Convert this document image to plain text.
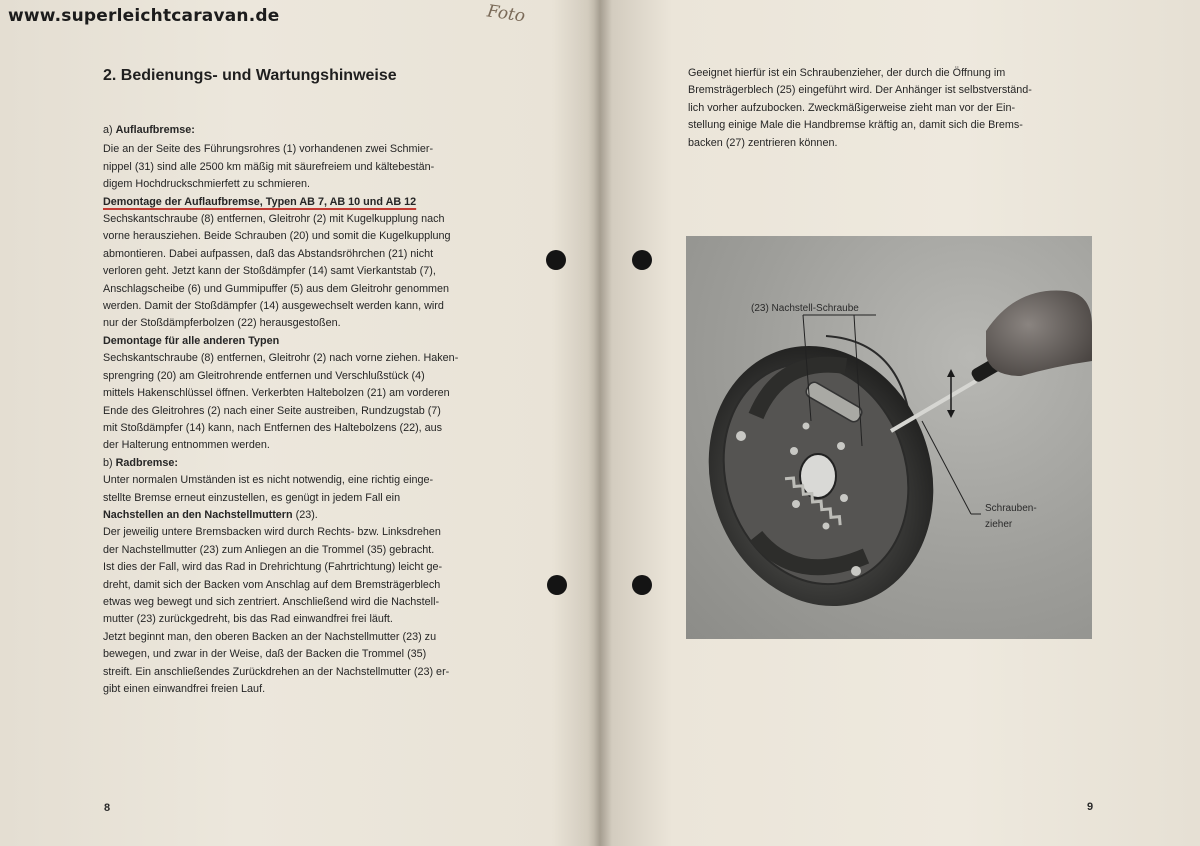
www.superleichtcaravan.de	Foto
2. Bedienungs- und Wartungshinweise

a) Auflaufbremse:

Die an der Seite des Führungsrohres (1) vorhandenen zwei Schmier-

nippel (31) sind alle 2500 km mäßig mit säurefreiem und kältebestän-

digem Hochdruckschmierfett zu schmieren.

Demontage der Auflaufbremse, Typen AB 7, AB 10 und AB 12

Sechskantschraube (8) entfernen, Gleitrohr (2) mit Kugelkupplung nach

vorne herausziehen. Beide Schrauben (20) und somit die Kugelkupplung

abmontieren. Dabei aufpassen, daß das Abstandsröhrchen (21) nicht

verloren geht. Jetzt kann der Stoßdämpfer (14) samt Vierkantstab (7),

Anschlagscheibe (6) und Gummipuffer (5) aus dem Gleitrohr genommen

werden. Damit der Stoßdämpfer (14) ausgewechselt werden kann, wird

nur der Stoßdämpferbolzen (22) herausgestoßen.

Demontage für alle anderen Typen

Sechskantschraube (8) entfernen, Gleitrohr (2) nach vorne ziehen. Haken-

sprengring (20) am Gleitrohrende entfernen und Verschlußstück (4)

mittels Hakenschlüssel öffnen. Verkerbten Haltebolzen (21) am vorderen

Ende des Gleitrohres (2) nach einer Seite austreiben, Rundzugstab (7)

mit Stoßdämpfer (14) kann, nach Entfernen des Haltebolzens (22), aus

der Halterung entnommen werden.

b) Radbremse:

Unter normalen Umständen ist es nicht notwendig, eine richtig einge-

stellte Bremse erneut einzustellen, es genügt in jedem Fall ein

Nachstellen an den Nachstellmuttern (23).

Der jeweilig untere Bremsbacken wird durch Rechts- bzw. Linksdrehen

der Nachstellmutter (23) zum Anliegen an die Trommel (35) gebracht.

Ist dies der Fall, wird das Rad in Drehrichtung (Fahrtrichtung) leicht ge-

dreht, damit sich der Backen vom Anschlag auf dem Bremsträgerblech

etwas weg bewegt und sich zentriert. Anschließend wird die Nachstell-

mutter (23) zurückgedreht, bis das Rad einwandfrei frei läuft.

Jetzt beginnt man, den oberen Backen an der Nachstellmutter (23) zu

bewegen, und zwar in der Weise, daß der Backen die Trommel (35)

streift. Ein anschließendes Zurückdrehen an der Nachstellmutter (23) er-

gibt einen einwandfrei freien Lauf.

8

Geeignet hierfür ist ein Schraubenzieher, der durch die Öffnung im

Bremsträgerblech (25) eingeführt wird. Der Anhänger ist selbstverständ-

lich vorher aufzubocken. Zweckmäßigerweise zieht man vor der Ein-

stellung einige Male die Handbremse kräftig an, damit sich die Brems-

backen (27) zentrieren können.

9
(23) Nachstell-Schraube
Schrauben-
zieher
